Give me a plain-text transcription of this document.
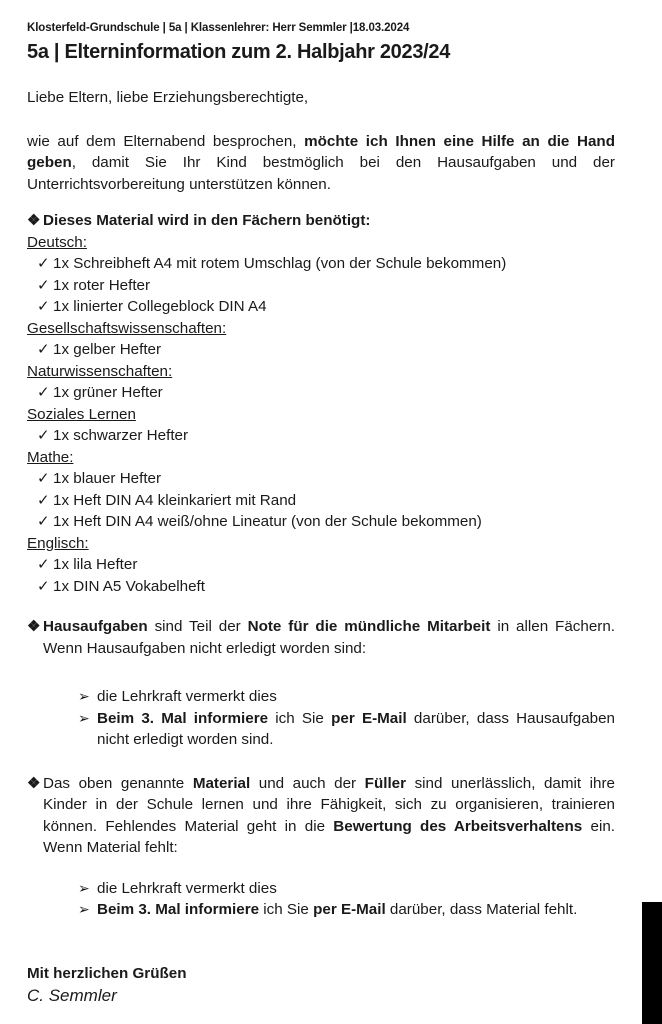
Klosterfeld-Grundschule | 5a | Klassenlehrer: Herr Semmler |18.03.2024
5a | Elterninformation zum 2. Halbjahr 2023/24

Liebe Eltern, liebe Erziehungsberechtigte,

wie auf dem Elternabend besprochen, möchte ich Ihnen eine Hilfe an die Hand geben, damit Sie Ihr Kind bestmöglich bei den Hausaufgaben und der Unterrichtsvorbereitung unterstützen können.

❖ Dieses Material wird in den Fächern benötigt:
Deutsch:
✓ 1x Schreibheft A4 mit rotem Umschlag (von der Schule bekommen)
✓ 1x roter Hefter
✓ 1x linierter Collegeblock DIN A4
Gesellschaftswissenschaften:
✓ 1x gelber Hefter
Naturwissenschaften:
✓ 1x grüner Hefter
Soziales Lernen
✓ 1x schwarzer Hefter
Mathe:
✓ 1x blauer Hefter
✓ 1x Heft DIN A4 kleinkariert mit Rand
✓ 1x Heft DIN A4 weiß/ohne Lineatur (von der Schule bekommen)
Englisch:
✓ 1x lila Hefter
✓ 1x DIN A5 Vokabelheft
❖ Hausaufgaben sind Teil der Note für die mündliche Mitarbeit in allen Fächern. Wenn Hausaufgaben nicht erledigt worden sind:
➢ die Lehrkraft vermerkt dies
➢ Beim 3. Mal informiere ich Sie per E-Mail darüber, dass Hausaufgaben nicht erledigt worden sind.
❖ Das oben genannte Material und auch der Füller sind unerlässlich, damit ihre Kinder in der Schule lernen und ihre Fähigkeit, sich zu organisieren, trainieren können. Fehlendes Material geht in die Bewertung des Arbeitsverhaltens ein. Wenn Material fehlt:
➢ die Lehrkraft vermerkt dies
➢ Beim 3. Mal informiere ich Sie per E-Mail darüber, dass Material fehlt.
Mit herzlichen Grüßen
C. Semmler
